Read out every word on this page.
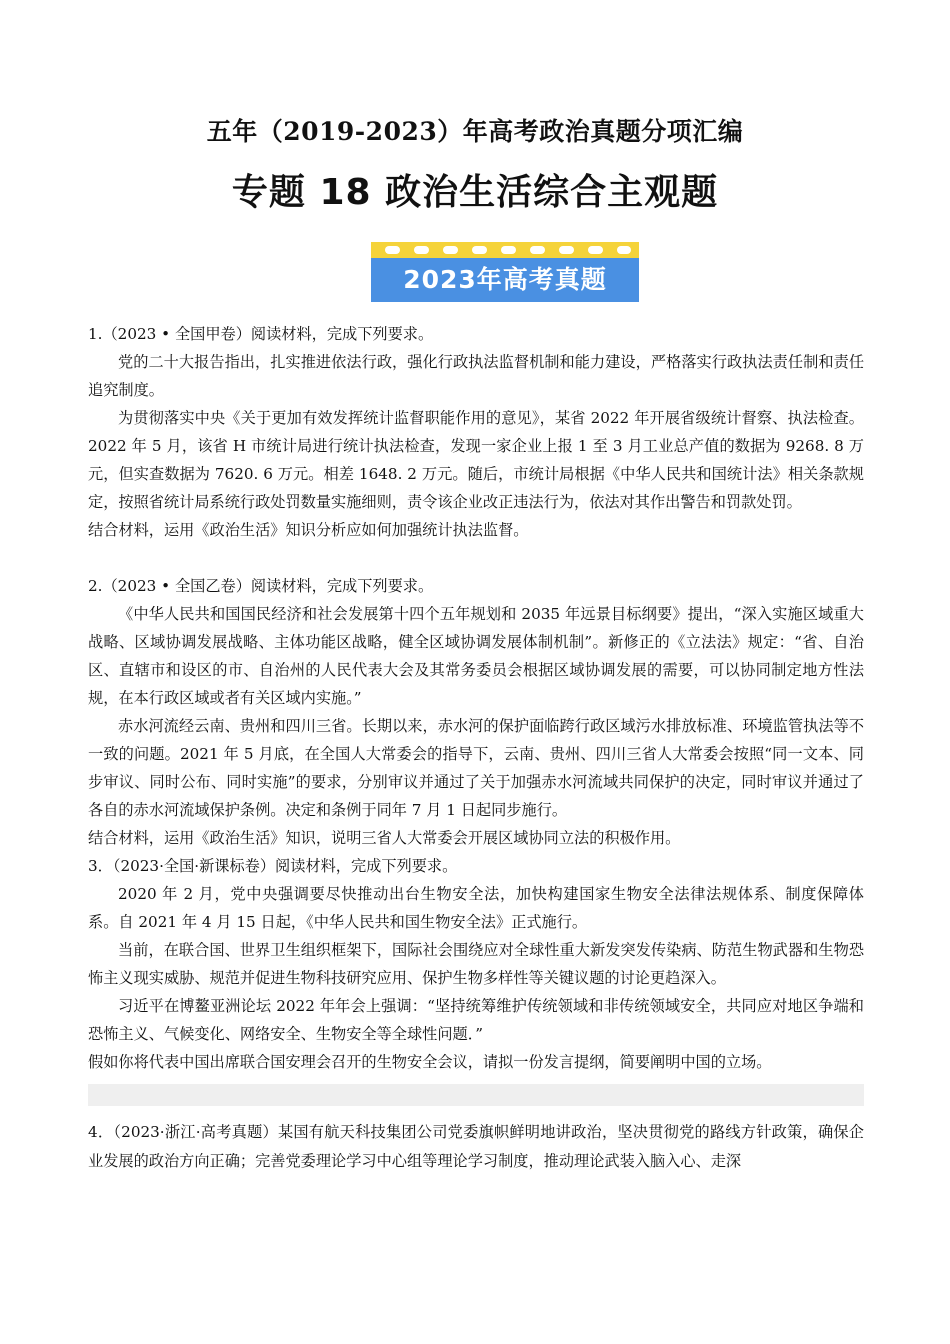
五年（2019-2023）年高考政治真题分项汇编
专题 18 政治生活综合主观题
2023年高考真题

1.（2023 • 全国甲卷）阅读材料，完成下列要求。

党的二十大报告指出，扎实推进依法行政，强化行政执法监督机制和能力建设，严格落实行政执法责任制和责任追究制度。

为贯彻落实中央《关于更加有效发挥统计监督职能作用的意见》，某省 2022 年开展省级统计督察、执法检查。2022 年 5 月，该省 H 市统计局进行统计执法检查，发现一家企业上报 1 至 3 月工业总产值的数据为 9268. 8 万元，但实查数据为 7620. 6 万元。相差 1648. 2 万元。随后，市统计局根据《中华人民共和国统计法》相关条款规定，按照省统计局系统行政处罚数量实施细则，责令该企业改正违法行为，依法对其作出警告和罚款处罚。

结合材料，运用《政治生活》知识分析应如何加强统计执法监督。

2.（2023 • 全国乙卷）阅读材料，完成下列要求。

《中华人民共和国国民经济和社会发展第十四个五年规划和 2035 年远景目标纲要》提出，“深入实施区域重大战略、区域协调发展战略、主体功能区战略，健全区域协调发展体制机制”。新修正的《立法法》规定：“省、自治区、直辖市和设区的市、自治州的人民代表大会及其常务委员会根据区域协调发展的需要，可以协同制定地方性法规，在本行政区域或者有关区域内实施。”

赤水河流经云南、贵州和四川三省。长期以来，赤水河的保护面临跨行政区域污水排放标准、环境监管执法等不一致的问题。2021 年 5 月底，在全国人大常委会的指导下，云南、贵州、四川三省人大常委会按照“同一文本、同步审议、同时公布、同时实施”的要求，分别审议并通过了关于加强赤水河流域共同保护的决定，同时审议并通过了各自的赤水河流域保护条例。决定和条例于同年 7 月 1 日起同步施行。

结合材料，运用《政治生活》知识，说明三省人大常委会开展区域协同立法的积极作用。

3．（2023·全国·新课标卷）阅读材料，完成下列要求。

2020 年 2 月，党中央强调要尽快推动出台生物安全法，加快构建国家生物安全法律法规体系、制度保障体系。自 2021 年 4 月 15 日起，《中华人民共和国生物安全法》正式施行。

当前，在联合国、世界卫生组织框架下，国际社会围绕应对全球性重大新发突发传染病、防范生物武器和生物恐怖主义现实威胁、规范并促进生物科技研究应用、保护生物多样性等关键议题的讨论更趋深入。

习近平在博鳌亚洲论坛 2022 年年会上强调：“坚持统筹维护传统领域和非传统领域安全，共同应对地区争端和恐怖主义、气候变化、网络安全、生物安全等全球性问题．”

假如你将代表中国出席联合国安理会召开的生物安全会议，请拟一份发言提纲，简要阐明中国的立场。

4．（2023·浙江·高考真题）某国有航天科技集团公司党委旗帜鲜明地讲政治，坚决贯彻党的路线方针政策，确保企业发展的政治方向正确；完善党委理论学习中心组等理论学习制度，推动理论武装入脑入心、走深
